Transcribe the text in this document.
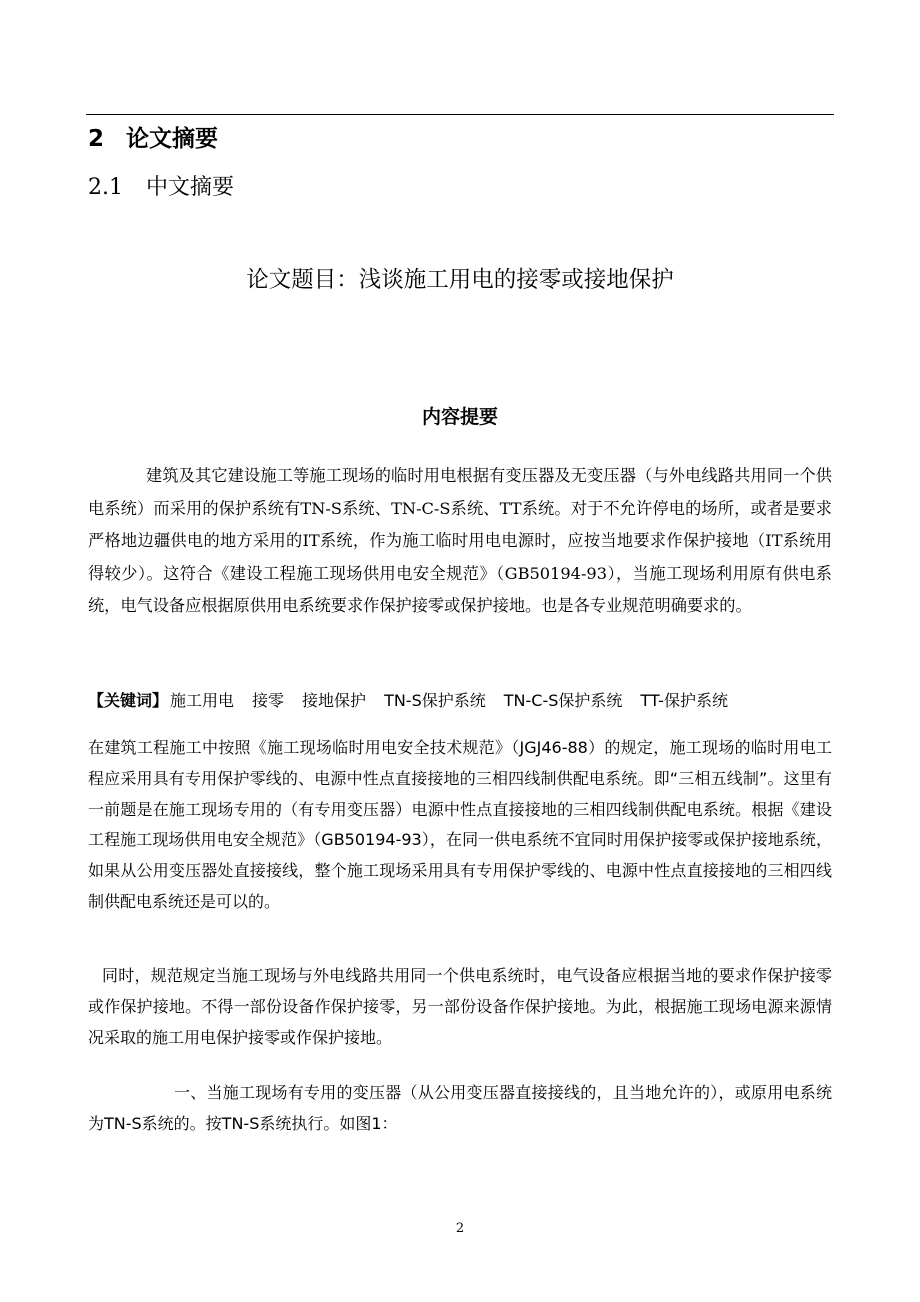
2 论文摘要
2.1 中文摘要
论文题目：浅谈施工用电的接零或接地保护
内容提要

建筑及其它建设施工等施工现场的临时用电根据有变压器及无变压器（与外电线路共用同一个供电系统）而采用的保护系统有TN-S系统、TN-C-S系统、TT系统。对于不允许停电的场所，或者是要求严格地边疆供电的地方采用的IT系统，作为施工临时用电电源时，应按当地要求作保护接地（IT系统用得较少）。这符合《建设工程施工现场供用电安全规范》（GB50194-93），当施工现场利用原有供电系统，电气设备应根据原供用电系统要求作保护接零或保护接地。也是各专业规范明确要求的。

【关键词】 施工用电 接零 接地保护 TN-S保护系统 TN-C-S保护系统 TT-保护系统

在建筑工程施工中按照《施工现场临时用电安全技术规范》（JGJ46-88）的规定，施工现场的临时用电工程应采用具有专用保护零线的、电源中性点直接接地的三相四线制供配电系统。即“三相五线制”。这里有一前题是在施工现场专用的（有专用变压器）电源中性点直接接地的三相四线制供配电系统。根据《建设工程施工现场供用电安全规范》（GB50194-93），在同一供电系统不宜同时用保护接零或保护接地系统，如果从公用变压器处直接接线，整个施工现场采用具有专用保护零线的、电源中性点直接接地的三相四线制供配电系统还是可以的。

同时，规范规定当施工现场与外电线路共用同一个供电系统时，电气设备应根据当地的要求作保护接零或作保护接地。不得一部份设备作保护接零，另一部份设备作保护接地。为此，根据施工现场电源来源情况采取的施工用电保护接零或作保护接地。

一、当施工现场有专用的变压器（从公用变压器直接接线的，且当地允许的），或原用电系统为TN-S系统的。按TN-S系统执行。如图1：

2
